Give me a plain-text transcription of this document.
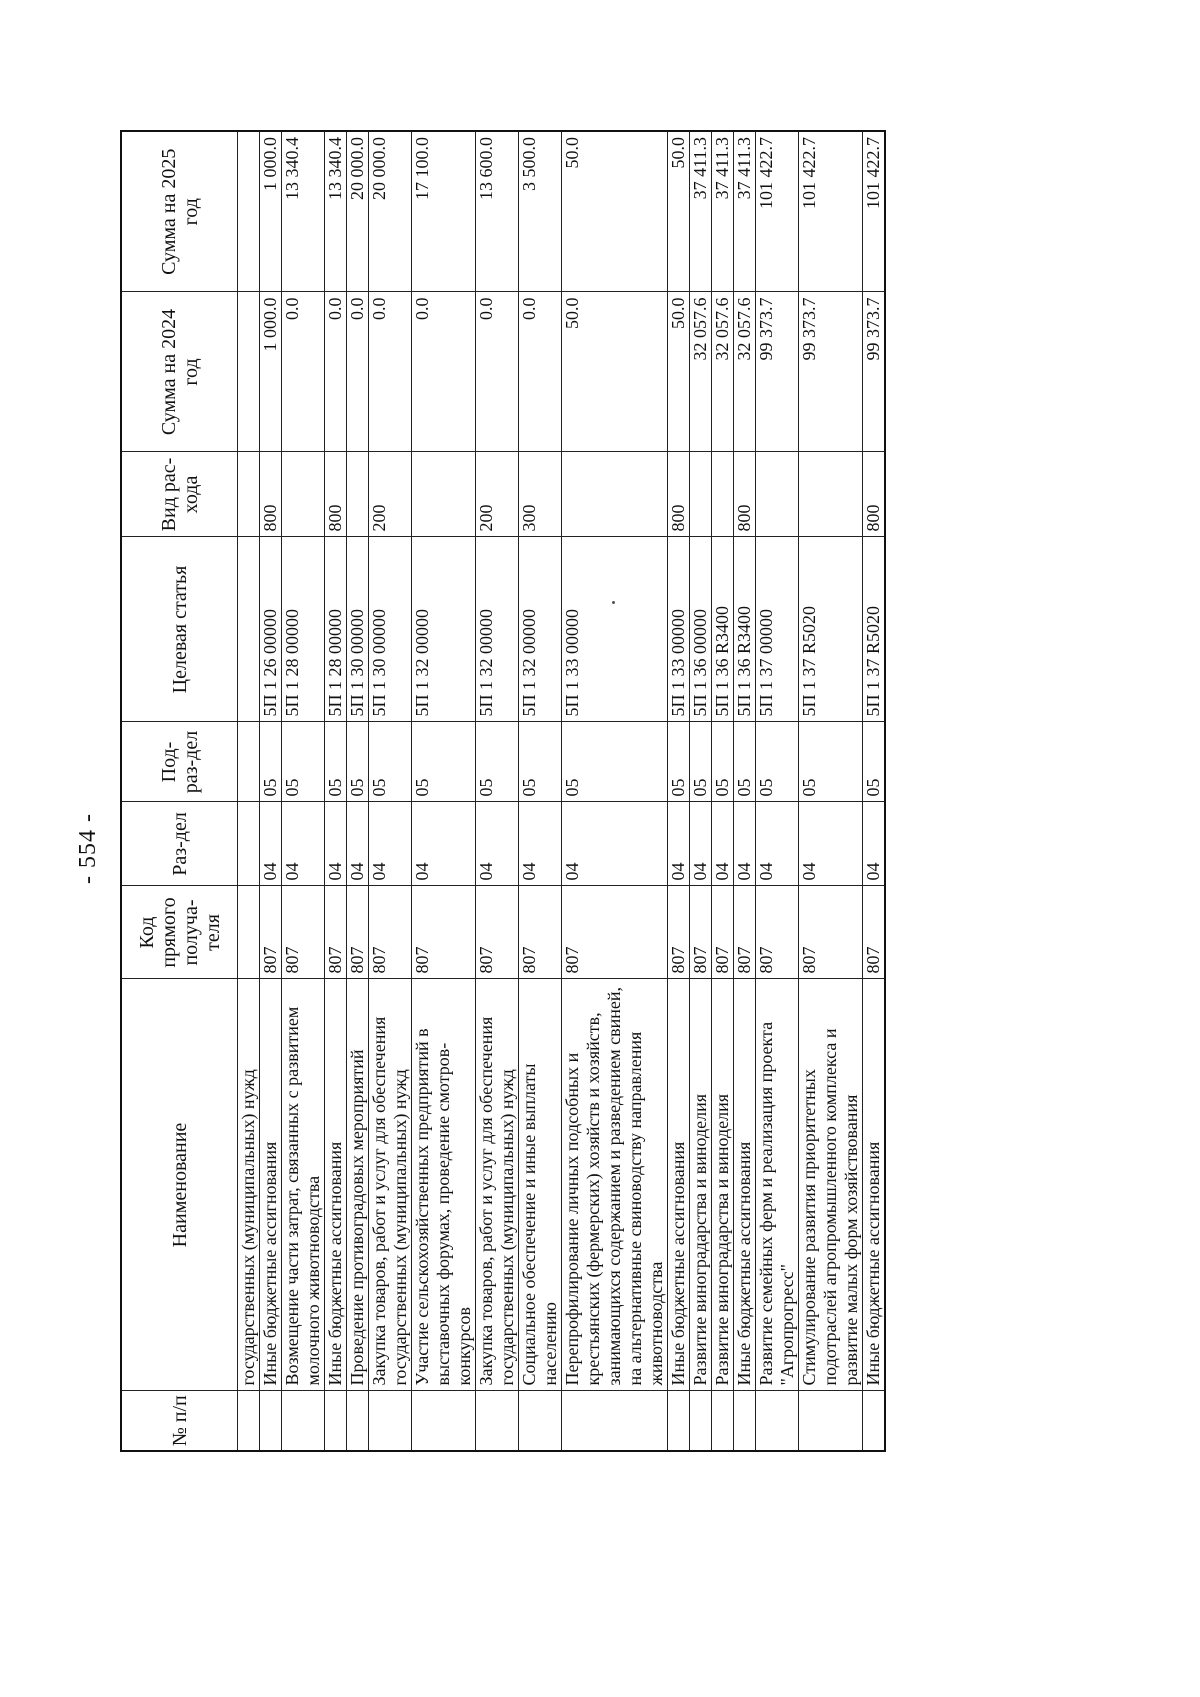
- 554 -
№ п/п	Наименование	Код прямого получа-теля	Раз-дел	Под-раз-дел	Целевая статья	Вид рас-хода	Сумма на 2024 год	Сумма на 2025 год
	государственных (муниципальных) нужд							
	Иные бюджетные ассигнования	807	04	05	5П 1 26 00000	800	1 000.0	1 000.0
	Возмещение части затрат, связанных с развитием молочного животноводства	807	04	05	5П 1 28 00000		0.0	13 340.4
	Иные бюджетные ассигнования	807	04	05	5П 1 28 00000	800	0.0	13 340.4
	Проведение противоградовых мероприятий	807	04	05	5П 1 30 00000		0.0	20 000.0
	Закупка товаров, работ и услуг для обеспечения государственных (муниципальных) нужд	807	04	05	5П 1 30 00000	200	0.0	20 000.0
	Участие сельскохозяйственных предприятий в выставочных форумах, проведение смотров-конкурсов	807	04	05	5П 1 32 00000		0.0	17 100.0
	Закупка товаров, работ и услуг для обеспечения государственных (муниципальных) нужд	807	04	05	5П 1 32 00000	200	0.0	13 600.0
	Социальное обеспечение и иные выплаты населению	807	04	05	5П 1 32 00000	300	0.0	3 500.0
	Перепрофилирование личных подсобных и крестьянских (фермерских) хозяйств и хозяйств, занимающихся содержанием и разведением свиней, на альтернативные свиноводству направления животноводства	807	04	05	5П 1 33 00000		50.0	50.0
	Иные бюджетные ассигнования	807	04	05	5П 1 33 00000	800	50.0	50.0
	Развитие виноградарства и виноделия	807	04	05	5П 1 36 00000		32 057.6	37 411.3
	Развитие виноградарства и виноделия	807	04	05	5П 1 36 R3400		32 057.6	37 411.3
	Иные бюджетные ассигнования	807	04	05	5П 1 36 R3400	800	32 057.6	37 411.3
	Развитие семейных ферм и реализация проекта "Агропрогресс"	807	04	05	5П 1 37 00000		99 373.7	101 422.7
	Стимулирование развития приоритетных подотраслей агропромышленного комплекса и развитие малых форм хозяйствования	807	04	05	5П 1 37 R5020		99 373.7	101 422.7
	Иные бюджетные ассигнования	807	04	05	5П 1 37 R5020	800	99 373.7	101 422.7
